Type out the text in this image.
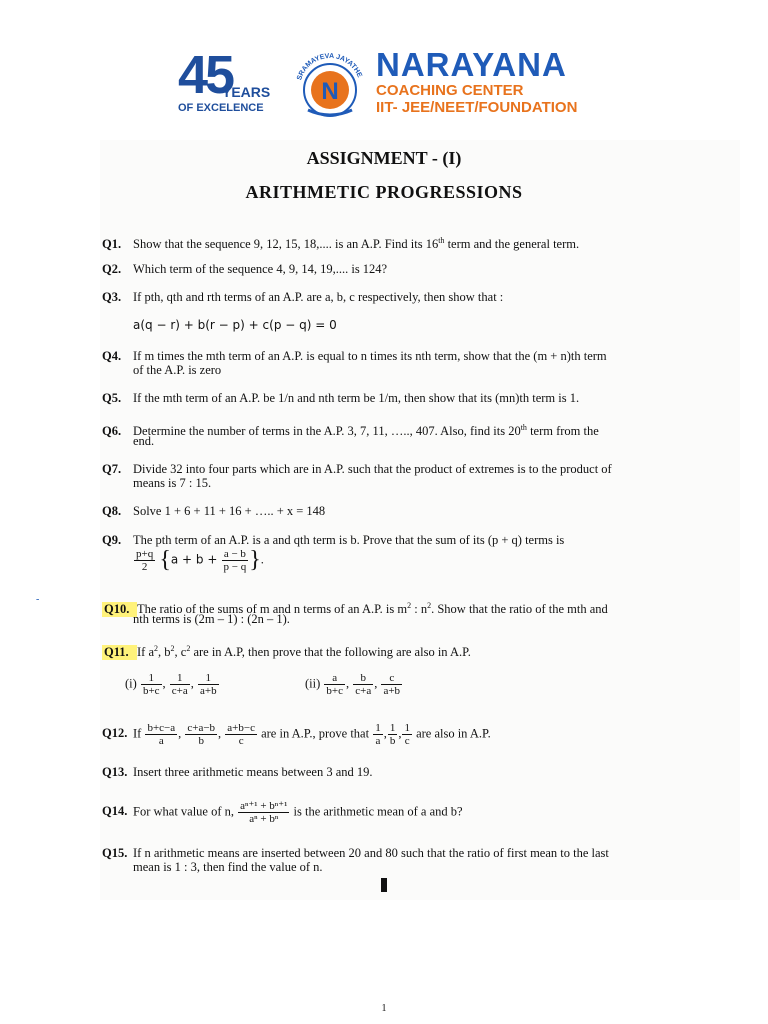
45
YEARS
OF EXCELENCE
SRAMAYEVA JAYATHE
N
NARAYANA
COACHING CENTER
IIT- JEE/NEET/FOUNDATION
ASSIGNMENT - (I)
ARITHMETIC PROGRESSIONS
Q1. Show that the sequence 9, 12, 15, 18,.... is an A.P. Find its 16th term and the general term.
Q2. Which term of the sequence 4, 9, 14, 19,.... is 124?
Q3. If pth, qth and rth terms of an A.P. are a, b, c respectively, then show that :
a(q − r) + b(r − p) + c(p − q) = 0
Q4. If m times the mth term of an A.P. is equal to n times its nth term, show that the (m + n)th term
of the A.P. is zero
Q5. If the mth term of an A.P. be 1/n and nth term be 1/m, then show that its (mn)th term is 1.
Q6. Determine the number of terms in the A.P. 3, 7, 11, ….., 407. Also, find its 20th term from the
end.
Q7. Divide 32 into four parts which are in A.P. such that the product of extremes is to the product of
means is 7 : 15.
Q8. Solve 1 + 6 + 11 + 16 + ….. + x = 148
Q9. The pth term of an A.P. is a and qth term is b. Prove that the sum of its (p + q) terms is
$\frac{p+q}{2} \{a + b + \frac{a - b}{p - q}$ }.
-
Q10. The ratio of the sums of m and n terms of an A.P. is $m^2$ : $n^2$. Show that the ratio of the mth and
nth terms is (2m – 1) : (2n – 1).
Q11. If $a^2$, $b^2$, $c^2$ are in A.P, then prove that the following are also in A.P.
$(i) \frac{1}{b+c}$ , $\frac{1}{c+a}$ , $\frac{1}{a+b}$	$(ii) \frac{a}{b+c}$ , $\frac{b}{c+a}$ , $\frac{c}{a+b}$
Q12. If $\frac{b+c-a}{a}$ , $\frac{c+a-b}{b}$ , $\frac{a+b-c}{c}$ are in A.P., prove that $\frac{1}{a}$ , $\frac{1}{b}$ , $\frac{1}{c}$ are also in A.P.
Q13. Insert three arithmetic means between 3 and 19.
Q14. For what value of n, $\frac{\text{aⁿ⁺¹ + bⁿ⁺¹}}{\text{aⁿ + bⁿ}}$ is the arithmetic mean of a and b?
Q15. If n arithmetic means are inserted between 20 and 80 such that the ratio of first mean to the last
mean is 1 : 3, then find the value of n.
1
